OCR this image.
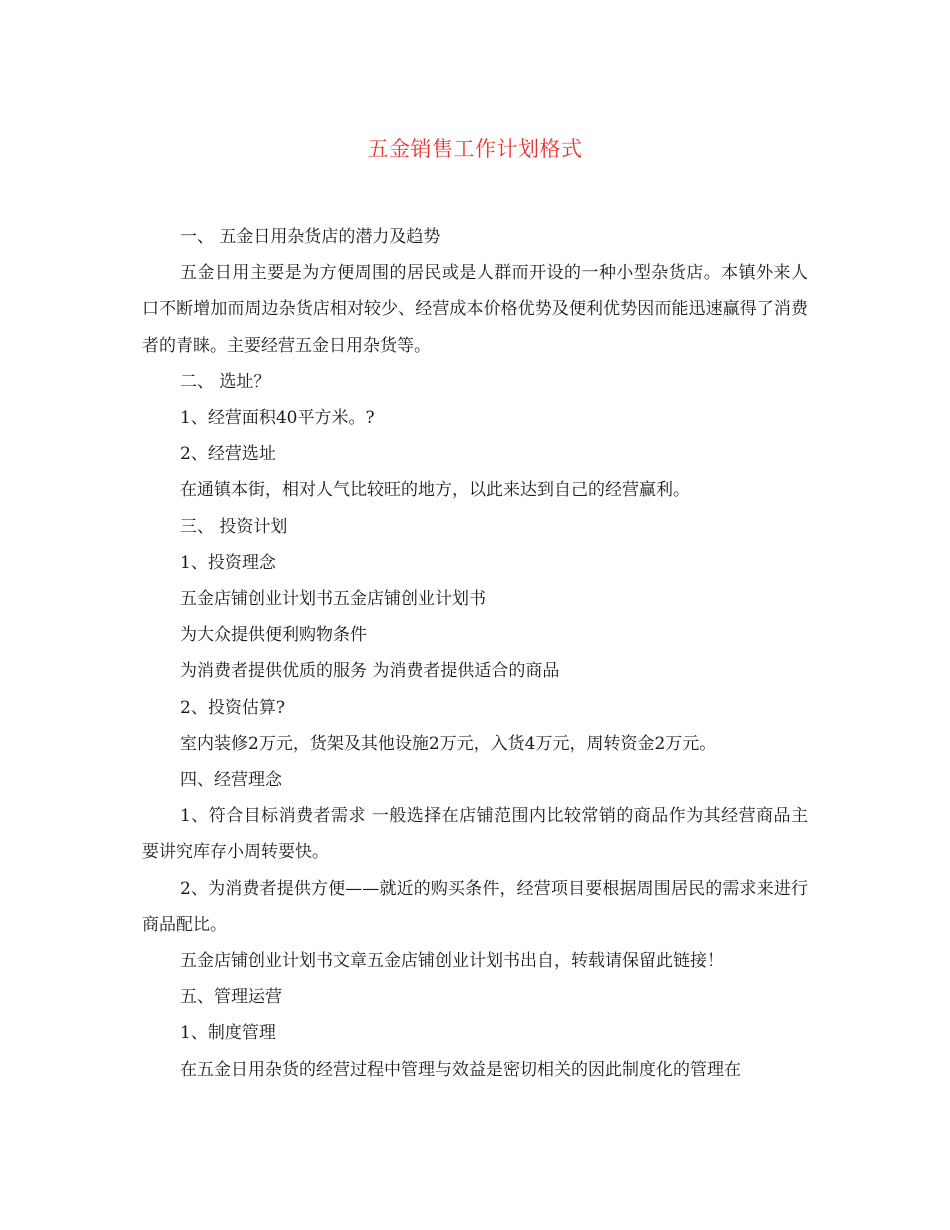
五金销售工作计划格式

一、 五金日用杂货店的潜力及趋势

五金日用主要是为方便周围的居民或是人群而开设的一种小型杂货店。本镇外来人口不断增加而周边杂货店相对较少、经营成本价格优势及便利优势因而能迅速赢得了消费者的青睐。主要经营五金日用杂货等。

二、 选址？

1、经营面积40平方米。?

2、经营选址

在通镇本街，相对人气比较旺的地方，以此来达到自己的经营赢利。

三、 投资计划

1、投资理念

五金店铺创业计划书五金店铺创业计划书

为大众提供便利购物条件

为消费者提供优质的服务 为消费者提供适合的商品

2、投资估算?

室内装修2万元，货架及其他设施2万元，入货4万元，周转资金2万元。

四、经营理念

1、符合目标消费者需求 一般选择在店铺范围内比较常销的商品作为其经营商品主要讲究库存小周转要快。

2、为消费者提供方便——就近的购买条件，经营项目要根据周围居民的需求来进行商品配比。

五金店铺创业计划书文章五金店铺创业计划书出自，转载请保留此链接！

五、管理运营

1、制度管理

在五金日用杂货的经营过程中管理与效益是密切相关的因此制度化的管理在
